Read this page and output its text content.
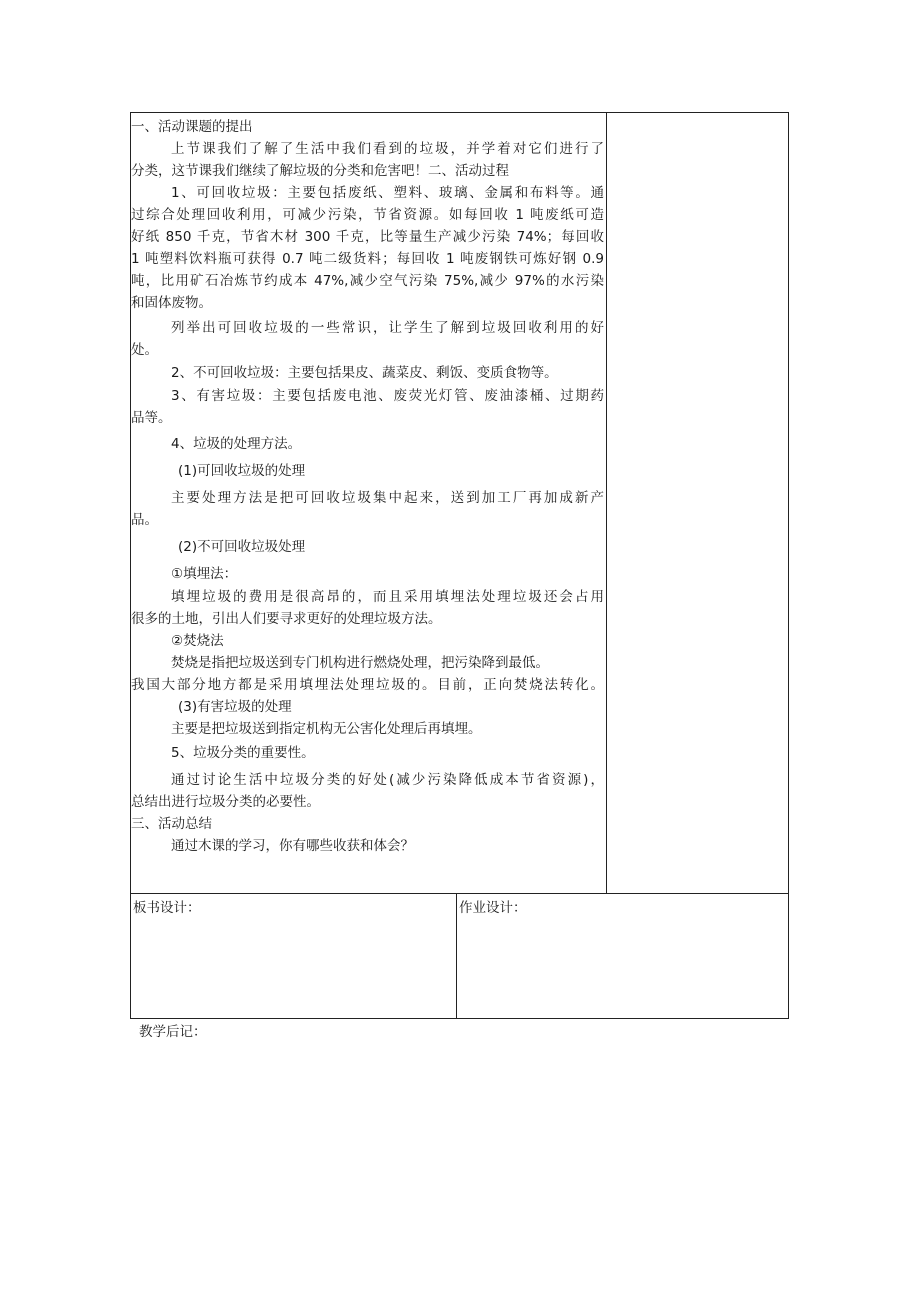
一、活动课题的提出
上节课我们了解了生活中我们看到的垃圾，并学着对它们进行了
分类，这节课我们继续了解垃圾的分类和危害吧！二、活动过程
1、可回收垃圾：主要包括废纸、塑料、玻璃、金属和布料等。通
过综合处理回收利用，可减少污染，节省资源。如每回收 1 吨废纸可造
好纸 850 千克，节省木材 300 千克，比等量生产减少污染 74%；每回收
1 吨塑料饮料瓶可获得 0.7 吨二级货料；每回收 1 吨废钢铁可炼好钢 0.9
吨，比用矿石冶炼节约成本 47%,减少空气污染 75%,减少 97%的水污染
和固体废物。
列举出可回收垃圾的一些常识，让学生了解到垃圾回收利用的好
处。
2、不可回收垃圾：主要包括果皮、蔬菜皮、剩饭、变质食物等。
3、有害垃圾：主要包括废电池、废荧光灯管、废油漆桶、过期药
品等。
4、垃圾的处理方法。
(1)可回收垃圾的处理
主要处理方法是把可回收垃圾集中起来，送到加工厂再加成新产
品。
(2)不可回收垃圾处理
①填埋法：
填埋垃圾的费用是很高昂的，而且采用填埋法处理垃圾还会占用
很多的土地，引出人们要寻求更好的处理垃圾方法。
②焚烧法
焚烧是指把垃圾送到专门机构进行燃烧处理，把污染降到最低。
我国大部分地方都是采用填埋法处理垃圾的。目前，正向焚烧法转化。
(3)有害垃圾的处理
主要是把垃圾送到指定机构无公害化处理后再填埋。
5、垃圾分类的重要性。
通过讨论生活中垃圾分类的好处(减少污染降低成本节省资源)，
总结出进行垃圾分类的必要性。
三、活动总结
通过木课的学习，你有哪些收获和体会？
板书设计：	作业设计：
教学后记：
